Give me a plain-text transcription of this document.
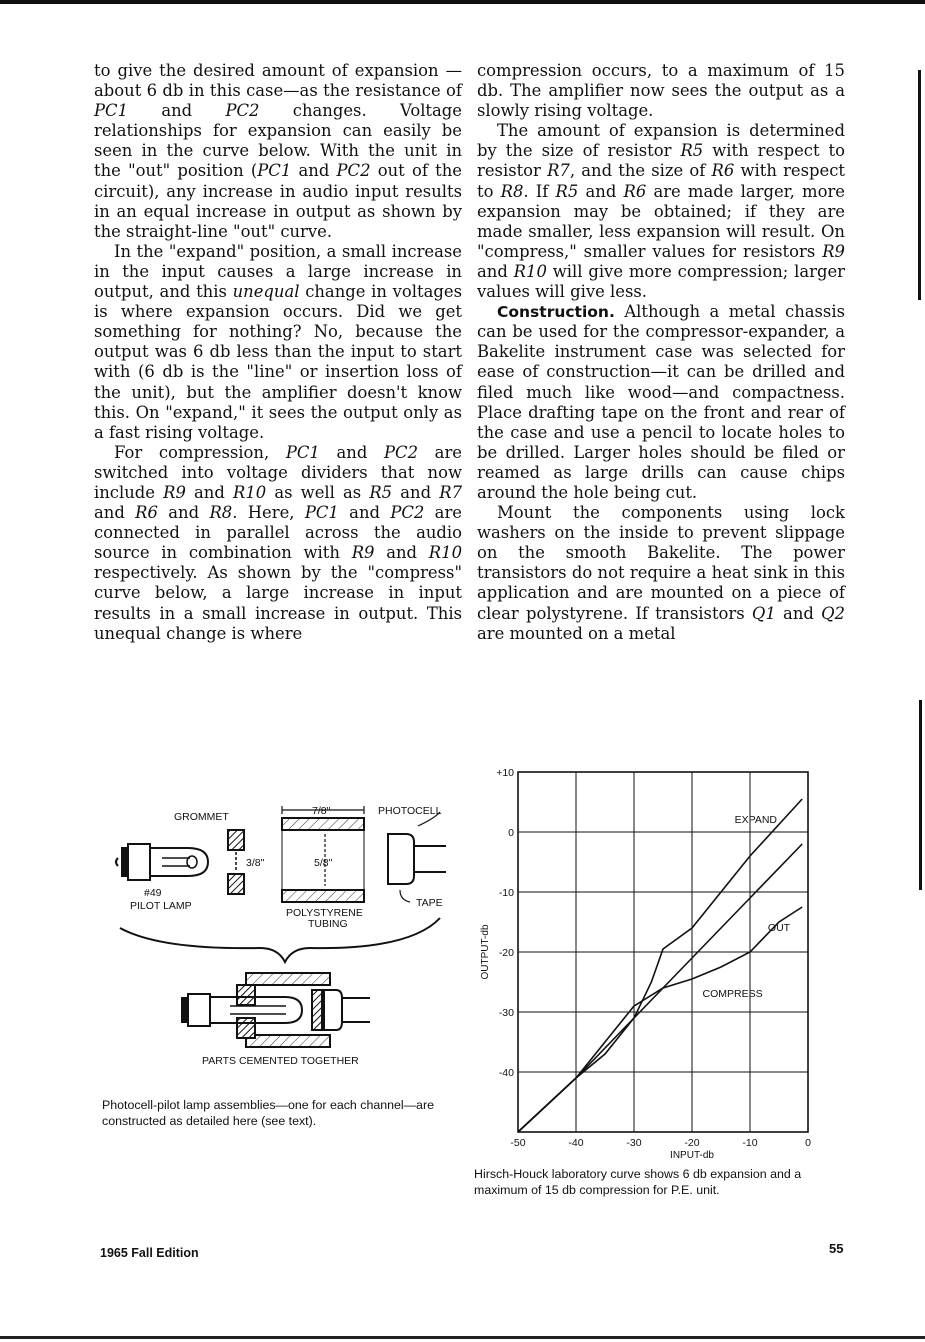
to give the desired amount of expansion —about 6 db in this case—as the resistance of PC1 and PC2 changes. Voltage relationships for expansion can easily be seen in the curve below. With the unit in the "out" position (PC1 and PC2 out of the circuit), any increase in audio input results in an equal increase in output as shown by the straight-line "out" curve.

In the "expand" position, a small increase in the input causes a large increase in output, and this unequal change in voltages is where expansion occurs. Did we get something for nothing? No, because the output was 6 db less than the input to start with (6 db is the "line" or insertion loss of the unit), but the amplifier doesn't know this. On "expand," it sees the output only as a fast rising voltage.

For compression, PC1 and PC2 are switched into voltage dividers that now include R9 and R10 as well as R5 and R7 and R6 and R8. Here, PC1 and PC2 are connected in parallel across the audio source in combination with R9 and R10 respectively. As shown by the "compress" curve below, a large increase in input results in a small increase in output. This unequal change is where

compression occurs, to a maximum of 15 db. The amplifier now sees the output as a slowly rising voltage.

The amount of expansion is determined by the size of resistor R5 with respect to resistor R7, and the size of R6 with respect to R8. If R5 and R6 are made larger, more expansion may be obtained; if they are made smaller, less expansion will result. On "compress," smaller values for resistors R9 and R10 will give more compression; larger values will give less.

Construction. Although a metal chassis can be used for the compressor-expander, a Bakelite instrument case was selected for ease of construction—it can be drilled and filed much like wood—and compactness. Place drafting tape on the front and rear of the case and use a pencil to locate holes to be drilled. Larger holes should be filed or reamed as large drills can cause chips around the hole being cut.

Mount the components using lock washers on the inside to prevent slippage on the smooth Bakelite. The power transistors do not require a heat sink in this application and are mounted on a piece of clear polystyrene. If transistors Q1 and Q2 are mounted on a metal

GROMMET	7/8"	PHOTOCELL
3/8"	5/8"
#49
PILOT LAMP
POLYSTYRENE
TUBING
TAPE
PARTS CEMENTED TOGETHER
Photocell-pilot lamp assemblies—one for each channel—are constructed as detailed here (see text).
+10
0
-10
-20
-30
-40
-50	-40	-30	-20	-10	0
INPUT-db
OUTPUT-db
EXPAND
OUT
COMPRESS
Hirsch-Houck laboratory curve shows 6 db expansion and a maximum of 15 db compression for P.E. unit.
1965 Fall Edition	55
